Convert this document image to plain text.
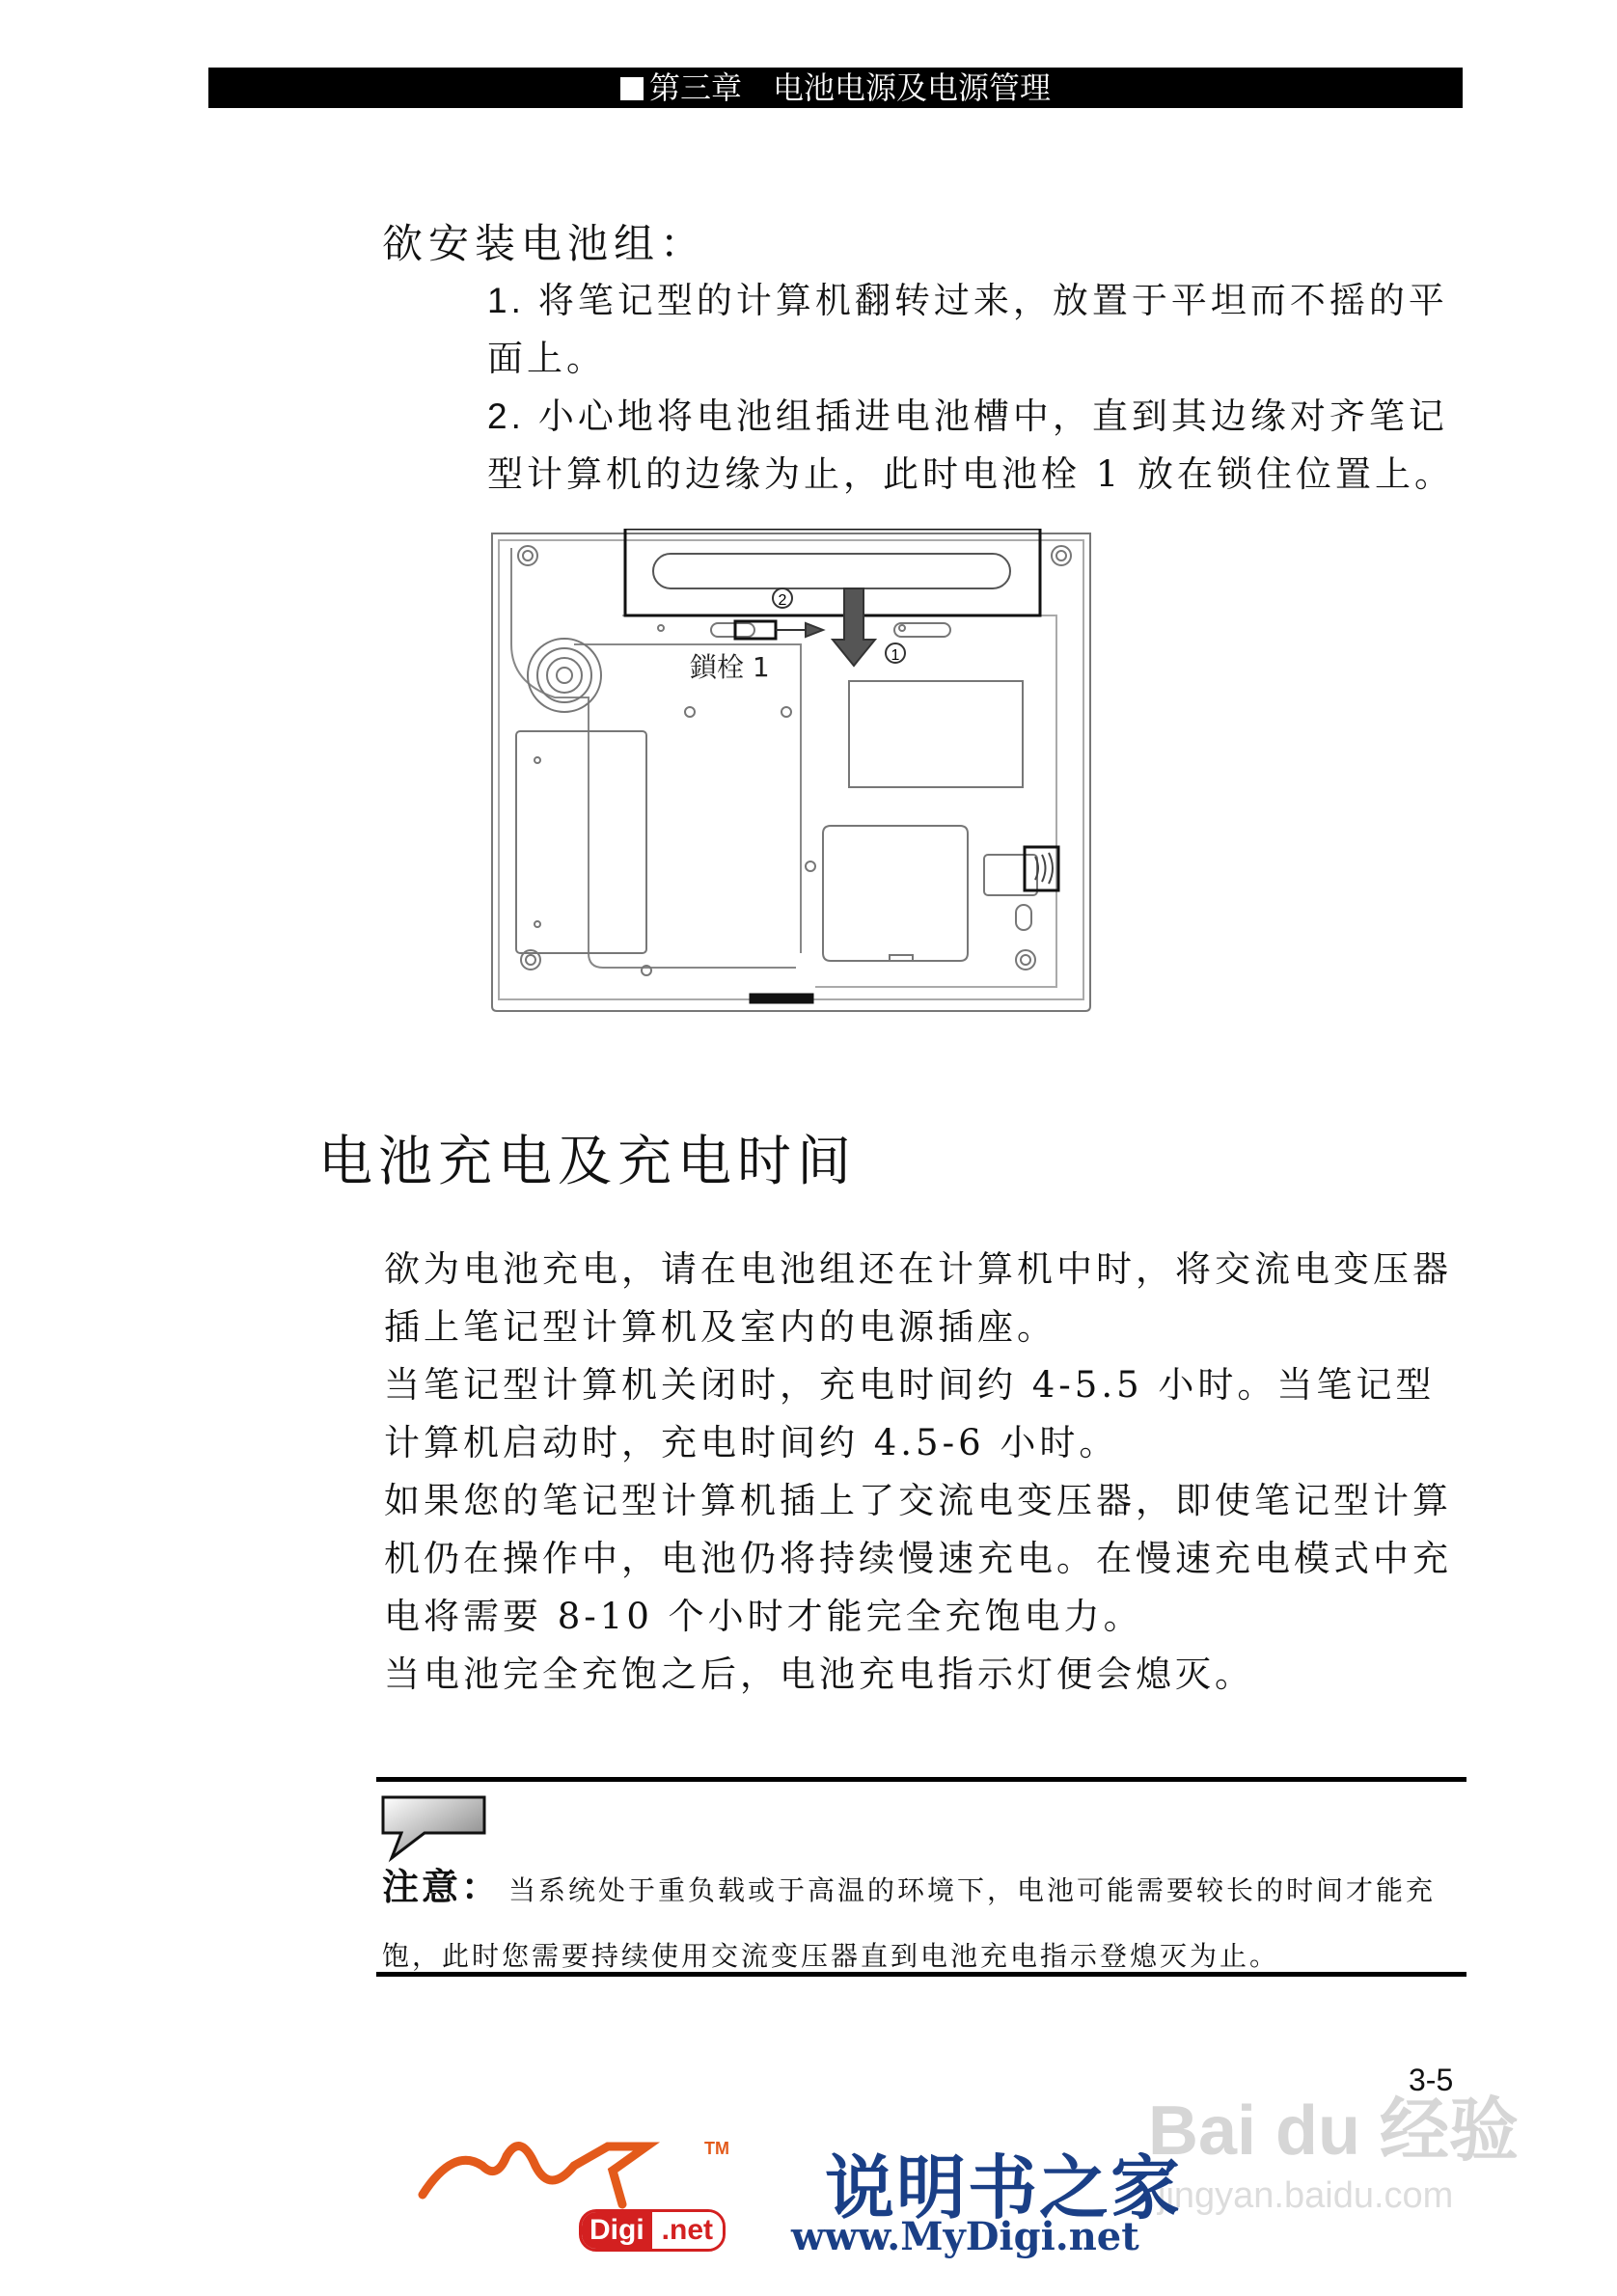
第三章　电池电源及电源管理
欲安装电池组：
1. 将笔记型的计算机翻转过来，放置于平坦而不摇的平面上。
2. 小心地将电池组插进电池槽中，直到其边缘对齐笔记型计算机的边缘为止，此时电池栓 1 放在锁住位置上。
2
1
鎖栓 1
电池充电及充电时间
欲为电池充电，请在电池组还在计算机中时，将交流电变压器插上笔记型计算机及室内的电源插座。
当笔记型计算机关闭时，充电时间约 4-5.5 小时。当笔记型计算机启动时，充电时间约 4.5-6 小时。
如果您的笔记型计算机插上了交流电变压器，即使笔记型计算机仍在操作中，电池仍将持续慢速充电。在慢速充电模式中充电将需要 8-10 个小时才能完全充饱电力。
当电池完全充饱之后，电池充电指示灯便会熄灭。
注意： 当系统处于重负载或于高温的环境下，电池可能需要较长的时间才能充饱，此时您需要持续使用交流变压器直到电池充电指示登熄灭为止。
3-5
Bai du 经验
jingyan.baidu.com
TM
Digi .net
说明书之家
www.MyDigi.net
